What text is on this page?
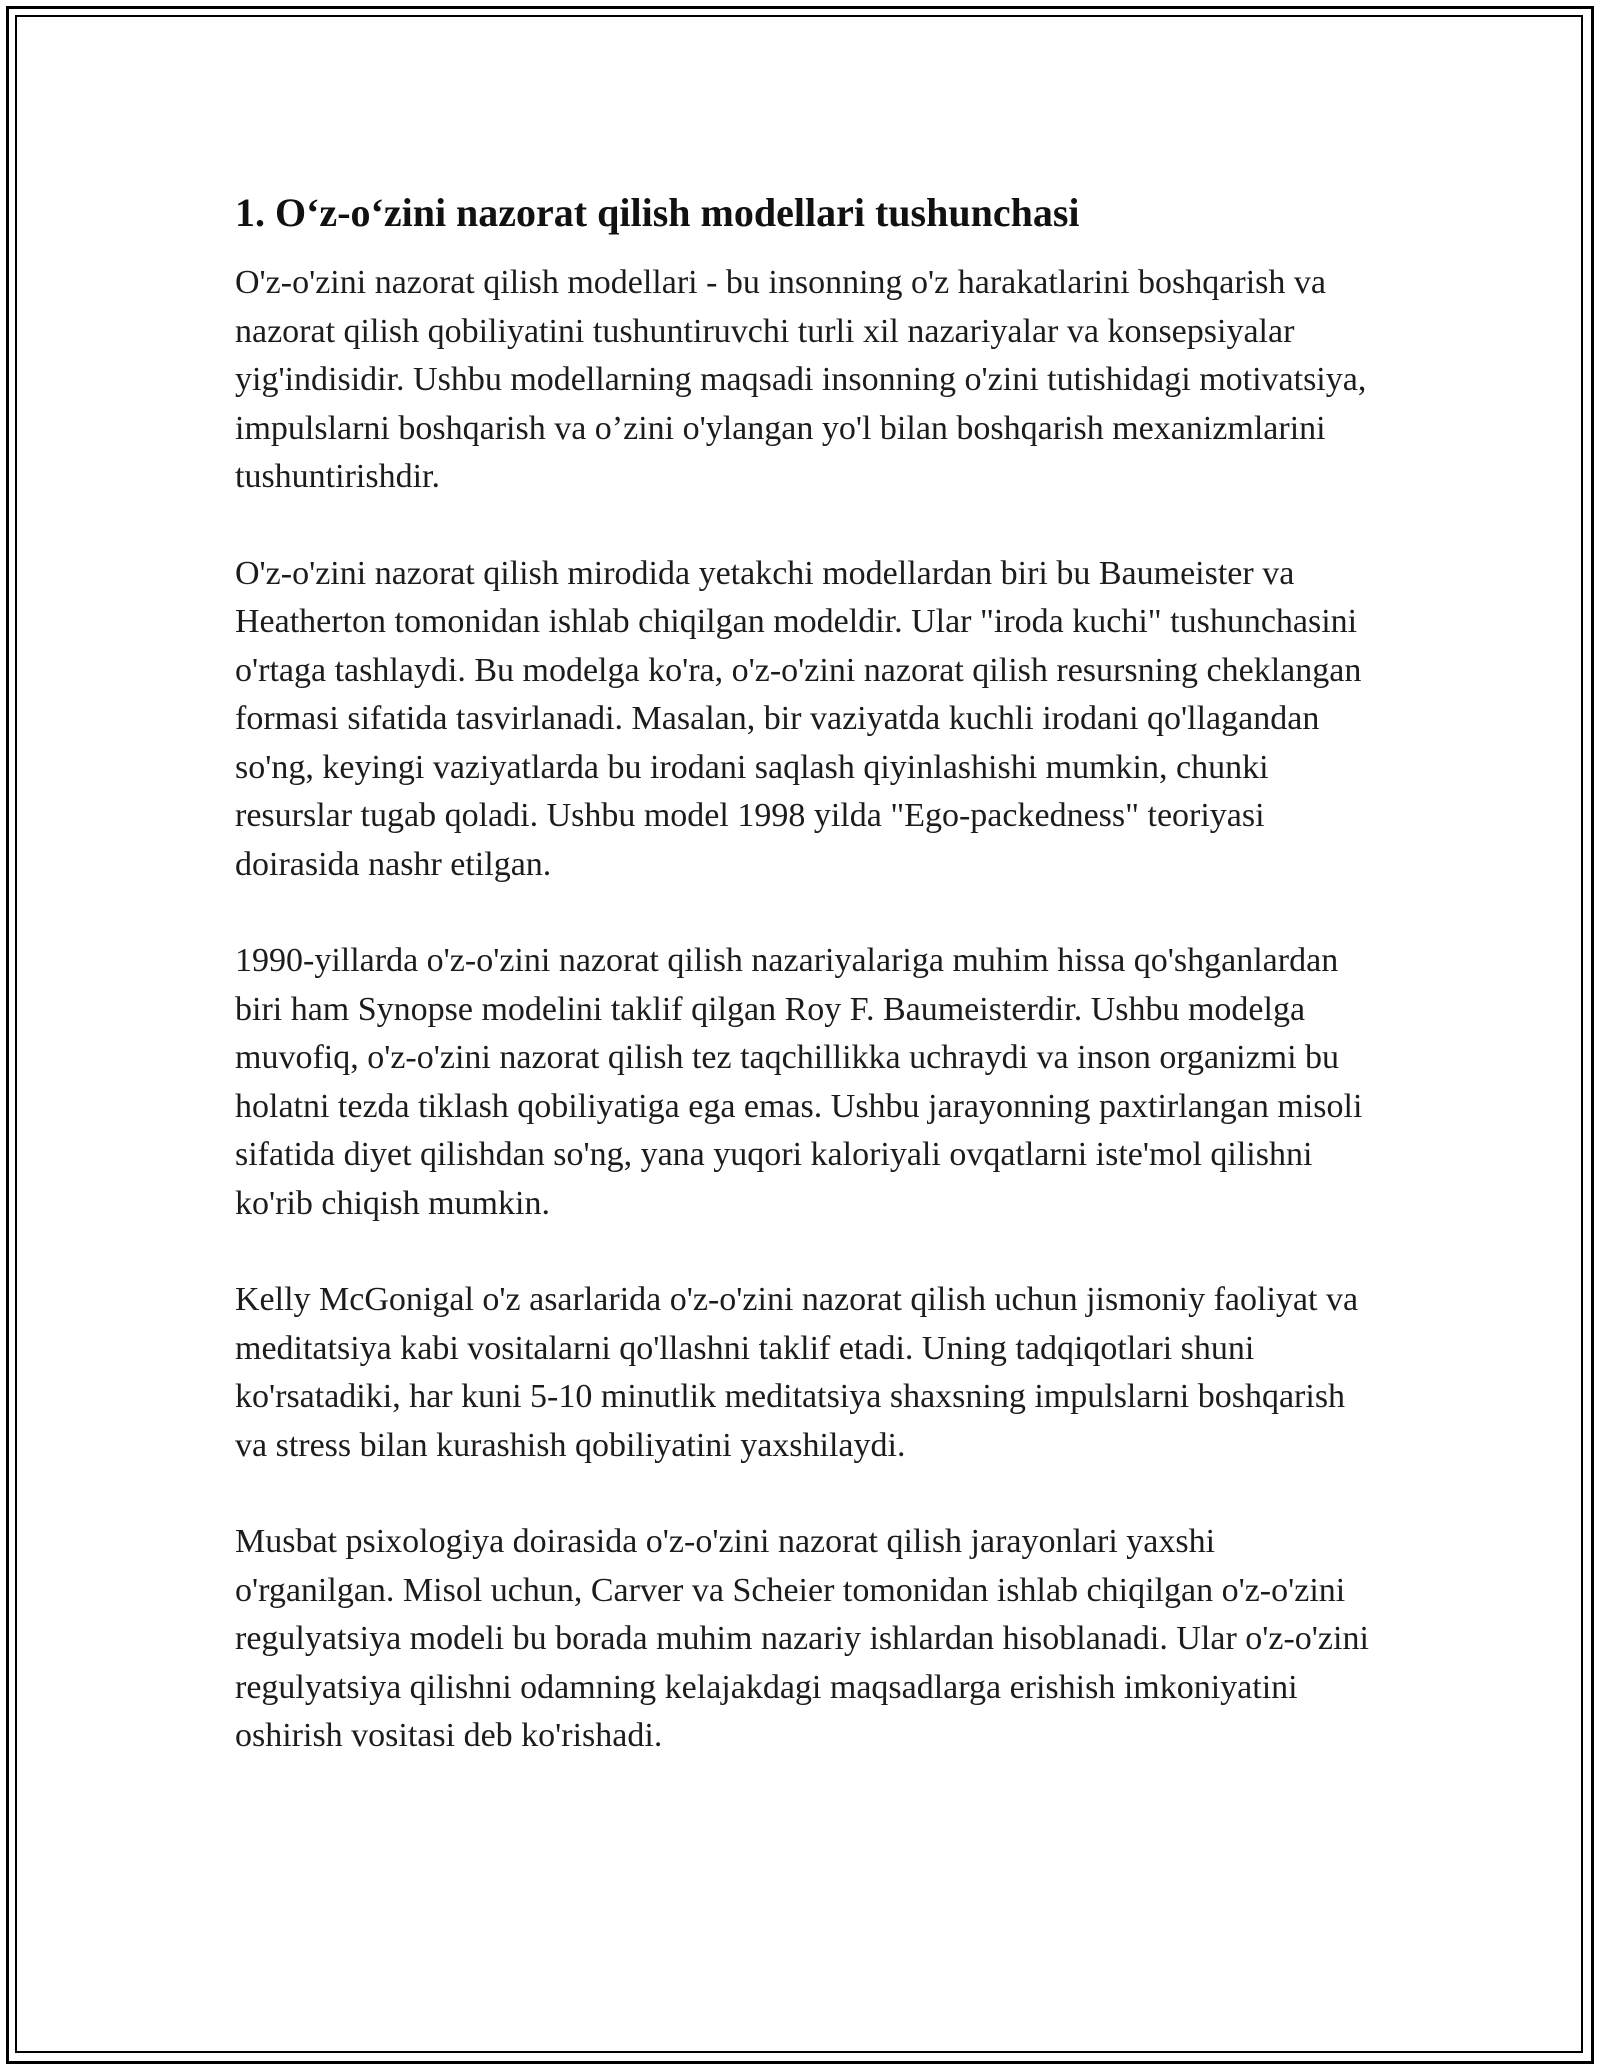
1. O‘z-o‘zini nazorat qilish modellari tushunchasi

O'z-o'zini nazorat qilish modellari - bu insonning o'z harakatlarini boshqarish va nazorat qilish qobiliyatini tushuntiruvchi turli xil nazariyalar va konsepsiyalar yig'indisidir. Ushbu modellarning maqsadi insonning o'zini tutishidagi motivatsiya, impulslarni boshqarish va o’zini o'ylangan yo'l bilan boshqarish mexanizmlarini tushuntirishdir.

O'z-o'zini nazorat qilish mirodida yetakchi modellardan biri bu Baumeister va Heatherton tomonidan ishlab chiqilgan modeldir. Ular "iroda kuchi" tushunchasini o'rtaga tashlaydi. Bu modelga ko'ra, o'z-o'zini nazorat qilish resursning cheklangan formasi sifatida tasvirlanadi. Masalan, bir vaziyatda kuchli irodani qo'llagandan so'ng, keyingi vaziyatlarda bu irodani saqlash qiyinlashishi mumkin, chunki resurslar tugab qoladi. Ushbu model 1998 yilda "Ego-packedness" teoriyasi doirasida nashr etilgan.

1990-yillarda o'z-o'zini nazorat qilish nazariyalariga muhim hissa qo'shganlardan biri ham Synopse modelini taklif qilgan Roy F. Baumeisterdir. Ushbu modelga muvofiq, o'z-o'zini nazorat qilish tez taqchillikka uchraydi va inson organizmi bu holatni tezda tiklash qobiliyatiga ega emas. Ushbu jarayonning paxtirlangan misoli sifatida diyet qilishdan so'ng, yana yuqori kaloriyali ovqatlarni iste'mol qilishni ko'rib chiqish mumkin.

Kelly McGonigal o'z asarlarida o'z-o'zini nazorat qilish uchun jismoniy faoliyat va meditatsiya kabi vositalarni qo'llashni taklif etadi. Uning tadqiqotlari shuni ko'rsatadiki, har kuni 5-10 minutlik meditatsiya shaxsning impulslarni boshqarish va stress bilan kurashish qobiliyatini yaxshilaydi.

Musbat psixologiya doirasida o'z-o'zini nazorat qilish jarayonlari yaxshi o'rganilgan. Misol uchun, Carver va Scheier tomonidan ishlab chiqilgan o'z-o'zini regulyatsiya modeli bu borada muhim nazariy ishlardan hisoblanadi. Ular o'z-o'zini regulyatsiya qilishni odamning kelajakdagi maqsadlarga erishish imkoniyatini oshirish vositasi deb ko'rishadi.
